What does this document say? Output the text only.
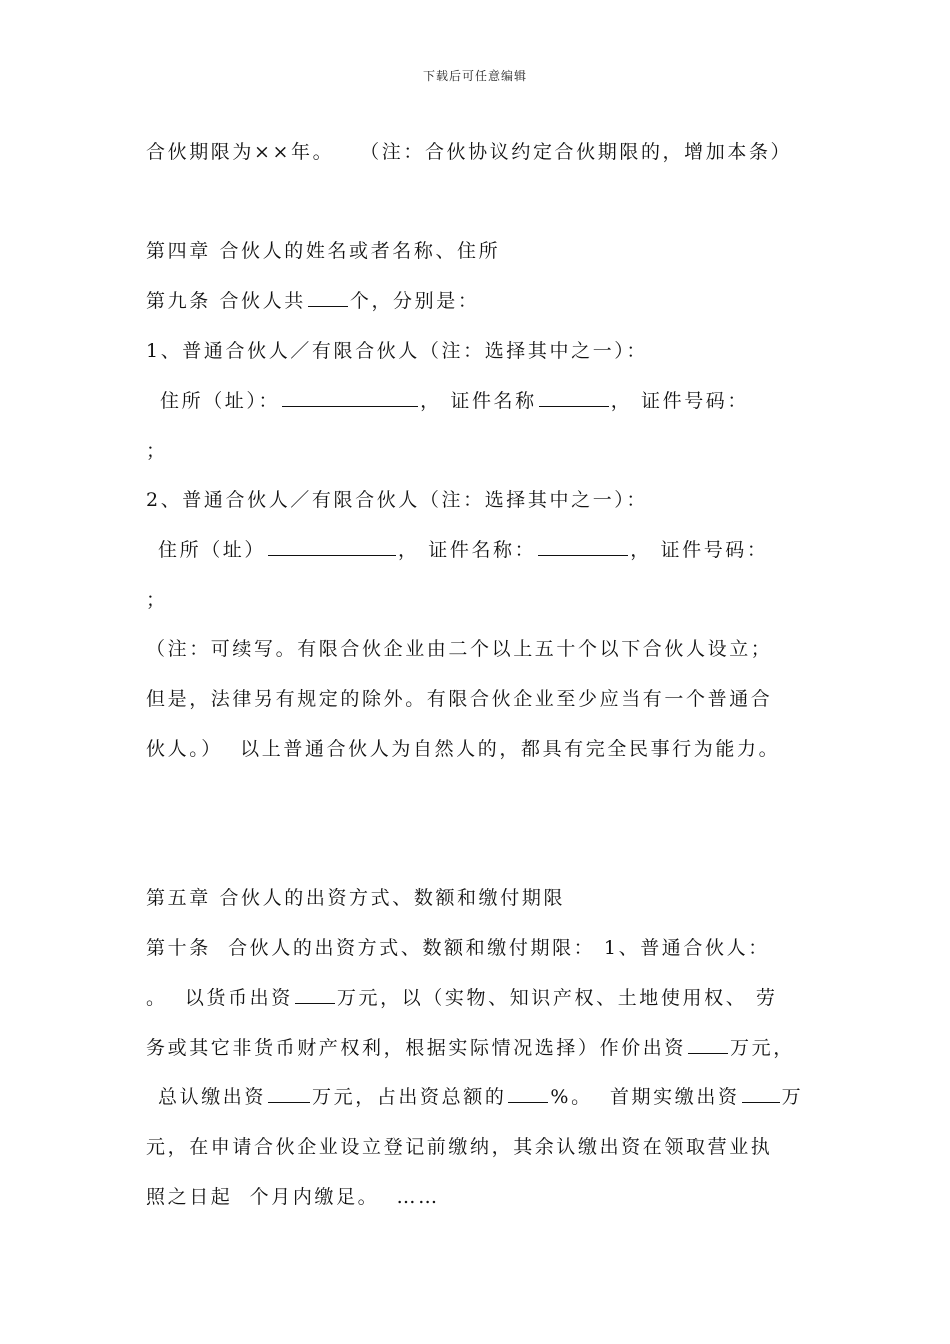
下载后可任意编辑
合伙期限为××年。   （注：合伙协议约定合伙期限的，增加本条）
第四章 合伙人的姓名或者名称、住所
第九条 合伙人共 个，分别是：
1、普通合伙人／有限合伙人（注：选择其中之一）：
住所（址）：	， 证件名称	， 证件号码：
；
2、普通合伙人／有限合伙人（注：选择其中之一）：
住所（址）	， 证件名称：	， 证件号码：
；
（注：可续写。有限合伙企业由二个以上五十个以下合伙人设立；
但是，法律另有规定的除外。有限合伙企业至少应当有一个普通合
伙人。）  以上普通合伙人为自然人的，都具有完全民事行为能力。
第五章 合伙人的出资方式、数额和缴付期限
第十条  合伙人的出资方式、数额和缴付期限： 1、普通合伙人：
。  以货币出资 万元，以（实物、知识产权、土地使用权、 劳
务或其它非货币财产权利，根据实际情况选择）作价出资 万元，
总认缴出资 万元，占出资总额的 %。  首期实缴出资 万
元，在申请合伙企业设立登记前缴纳，其余认缴出资在领取营业执
照之日起  个月内缴足。  ……
